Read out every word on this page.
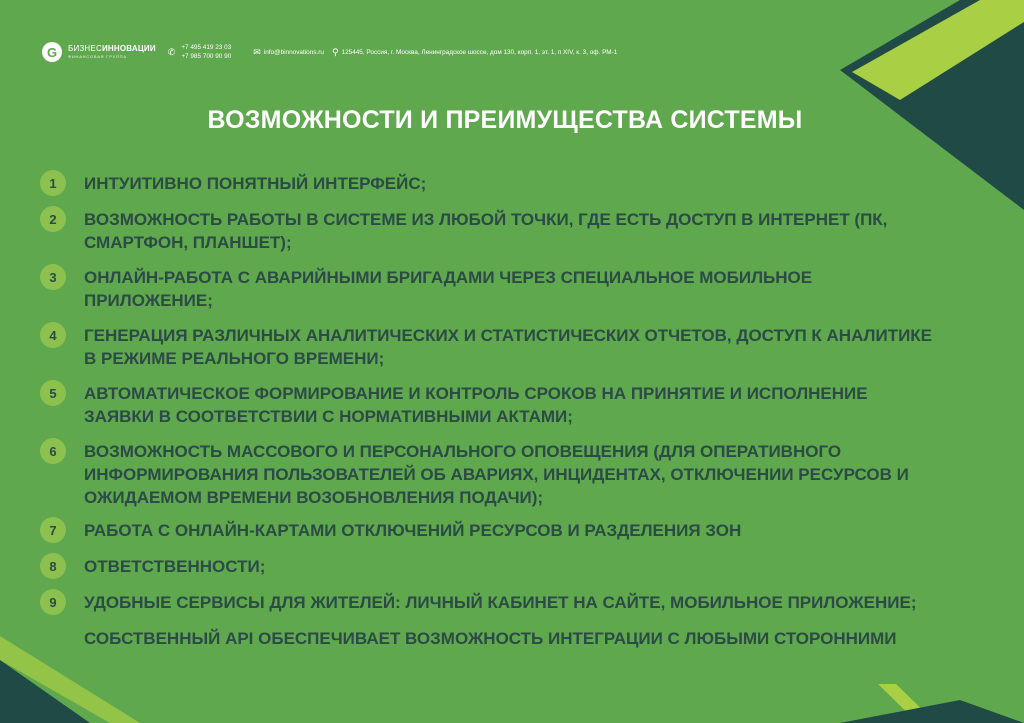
G	БИЗНЕСИННОВАЦИИ
ФИНАНСОВАЯ ГРУППА	✆ +7 495 419 23 03
+7 985 700 90 90 ✉ info@binnovations.ru ⚲ 125445, Россия, г. Москва, Ленинградское шоссе, дом 130, корп. 1, эт. 1, п XIV, к. 3, оф. РМ-1
ВОЗМОЖНОСТИ И ПРЕИМУЩЕСТВА СИСТЕМЫ
1	ИНТУИТИВНО ПОНЯТНЫЙ ИНТЕРФЕЙС;
2	ВОЗМОЖНОСТЬ РАБОТЫ В СИСТЕМЕ ИЗ ЛЮБОЙ ТОЧКИ, ГДЕ ЕСТЬ ДОСТУП В ИНТЕРНЕТ (ПК,
СМАРТФОН, ПЛАНШЕТ);
3	ОНЛАЙН-РАБОТА С АВАРИЙНЫМИ БРИГАДАМИ ЧЕРЕЗ СПЕЦИАЛЬНОЕ МОБИЛЬНОЕ
ПРИЛОЖЕНИЕ;
4	ГЕНЕРАЦИЯ РАЗЛИЧНЫХ АНАЛИТИЧЕСКИХ И СТАТИСТИЧЕСКИХ ОТЧЕТОВ, ДОСТУП К АНАЛИТИКЕ
В РЕЖИМЕ РЕАЛЬНОГО ВРЕМЕНИ;
5	АВТОМАТИЧЕСКОЕ ФОРМИРОВАНИЕ И КОНТРОЛЬ СРОКОВ НА ПРИНЯТИЕ И ИСПОЛНЕНИЕ
ЗАЯВКИ В СООТВЕТСТВИИ С НОРМАТИВНЫМИ АКТАМИ;
6	ВОЗМОЖНОСТЬ МАССОВОГО И ПЕРСОНАЛЬНОГО ОПОВЕЩЕНИЯ (ДЛЯ ОПЕРАТИВНОГО
ИНФОРМИРОВАНИЯ ПОЛЬЗОВАТЕЛЕЙ ОБ АВАРИЯХ, ИНЦИДЕНТАХ, ОТКЛЮЧЕНИИ РЕСУРСОВ И
ОЖИДАЕМОМ ВРЕМЕНИ ВОЗОБНОВЛЕНИЯ ПОДАЧИ);
7	РАБОТА С ОНЛАЙН-КАРТАМИ ОТКЛЮЧЕНИЙ РЕСУРСОВ И РАЗДЕЛЕНИЯ ЗОН
8	ОТВЕТСТВЕННОСТИ;
9	УДОБНЫЕ СЕРВИСЫ ДЛЯ ЖИТЕЛЕЙ: ЛИЧНЫЙ КАБИНЕТ НА САЙТЕ, МОБИЛЬНОЕ ПРИЛОЖЕНИЕ;
СОБСТВЕННЫЙ API ОБЕСПЕЧИВАЕТ ВОЗМОЖНОСТЬ ИНТЕГРАЦИИ С ЛЮБЫМИ СТОРОННИМИ
